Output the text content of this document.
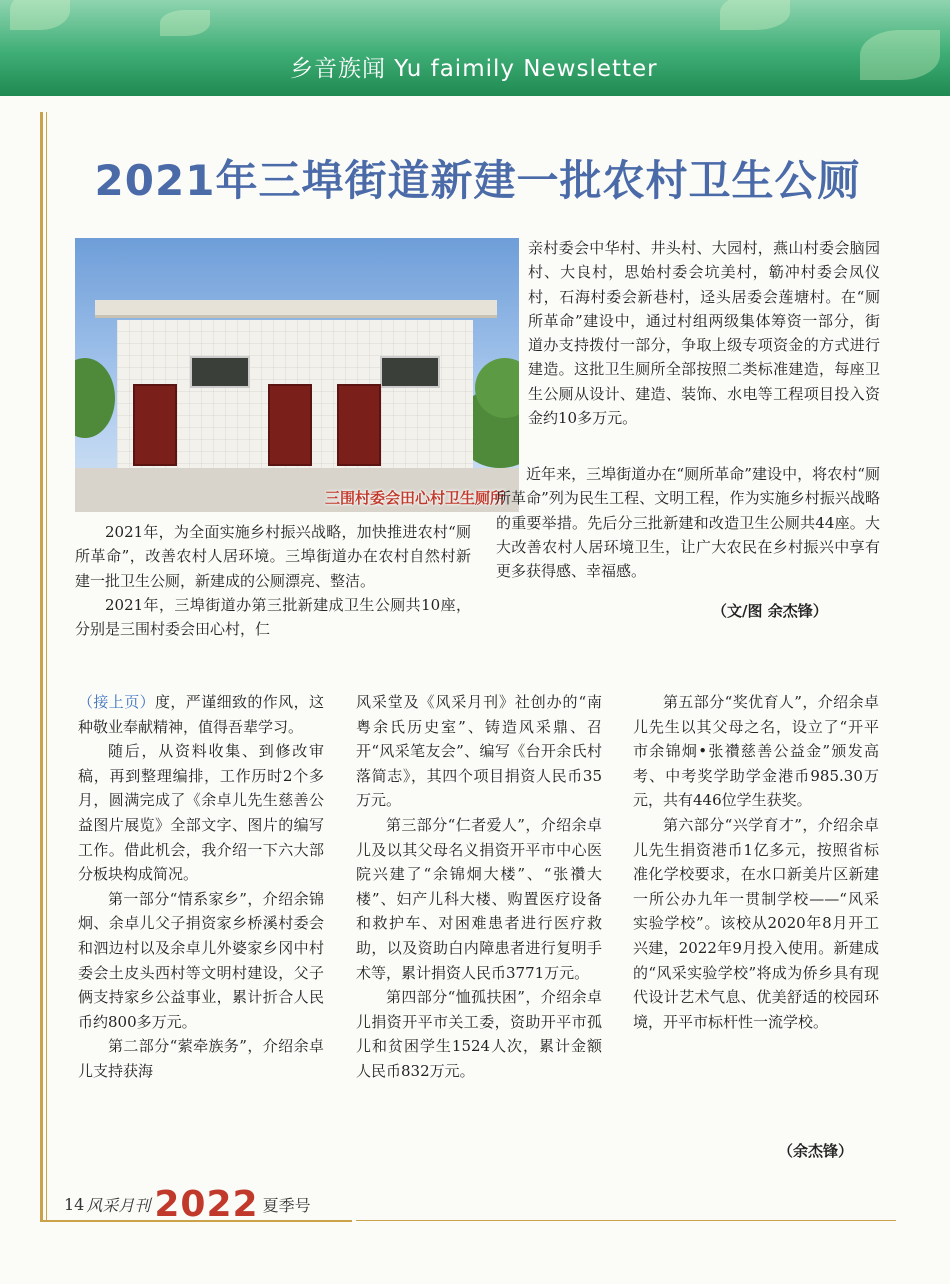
乡音族闻 Yu faimily Newsletter
2021年三埠街道新建一批农村卫生公厕
三围村委会田心村卫生厕所

2021年，为全面实施乡村振兴战略，加快推进农村“厕所革命”，改善农村人居环境。三埠街道办在农村自然村新建一批卫生公厕，新建成的公厕漂亮、整洁。

2021年，三埠街道办第三批新建成卫生公厕共10座，分别是三围村委会田心村，仁

亲村委会中华村、井头村、大园村，燕山村委会脑园村、大良村，思始村委会坑美村，簕冲村委会凤仪村，石海村委会新巷村，迳头居委会莲塘村。在“厕所革命”建设中，通过村组两级集体筹资一部分，街道办支持拨付一部分，争取上级专项资金的方式进行建造。这批卫生厕所全部按照二类标准建造，每座卫生公厕从设计、建造、装饰、水电等工程项目投入资金约10多万元。

近年来，三埠街道办在“厕所革命”建设中，将农村“厕所革命”列为民生工程、文明工程，作为实施乡村振兴战略的重要举措。先后分三批新建和改造卫生公厕共44座。大大改善农村人居环境卫生，让广大农民在乡村振兴中享有更多获得感、幸福感。

（文/图 余杰锋）

（接上页）度，严谨细致的作风，这种敬业奉献精神，值得吾辈学习。

随后，从资料收集、到修改审稿，再到整理编排，工作历时2个多月，圆满完成了《余卓儿先生慈善公益图片展览》全部文字、图片的编写工作。借此机会，我介绍一下六大部分板块构成简况。

第一部分“情系家乡”，介绍余锦炯、余卓儿父子捐资家乡桥溪村委会和泗边村以及余卓儿外婆家乡冈中村委会土皮头西村等文明村建设，父子俩支持家乡公益事业，累计折合人民币约800多万元。

第二部分“萦牵族务”，介绍余卓儿支持获海

风采堂及《风采月刊》社创办的“南粤余氏历史室”、铸造风采鼎、召开“风采笔友会”、编写《台开余氏村落简志》，其四个项目捐资人民币35万元。

第三部分“仁者爱人”，介绍余卓儿及以其父母名义捐资开平市中心医院兴建了“余锦炯大楼”、“张禶大楼”、妇产儿科大楼、购置医疗设备和救护车、对困难患者进行医疗救助，以及资助白内障患者进行复明手术等，累计捐资人民币3771万元。

第四部分“恤孤扶困”，介绍余卓儿捐资开平市关工委，资助开平市孤儿和贫困学生1524人次，累计金额人民币832万元。

第五部分“奖优育人”，介绍余卓儿先生以其父母之名，设立了“开平市余锦炯•张禶慈善公益金”颁发高考、中考奖学助学金港币985.30万元，共有446位学生获奖。

第六部分“兴学育才”，介绍余卓儿先生捐资港币1亿多元，按照省标准化学校要求，在水口新美片区新建一所公办九年一贯制学校——“风采实验学校”。该校从2020年8月开工兴建，2022年9月投入使用。新建成的“风采实验学校”将成为侨乡具有现代设计艺术气息、优美舒适的校园环境，开平市标杆性一流学校。

（余杰锋）
14 风采月刊 2022 夏季号
